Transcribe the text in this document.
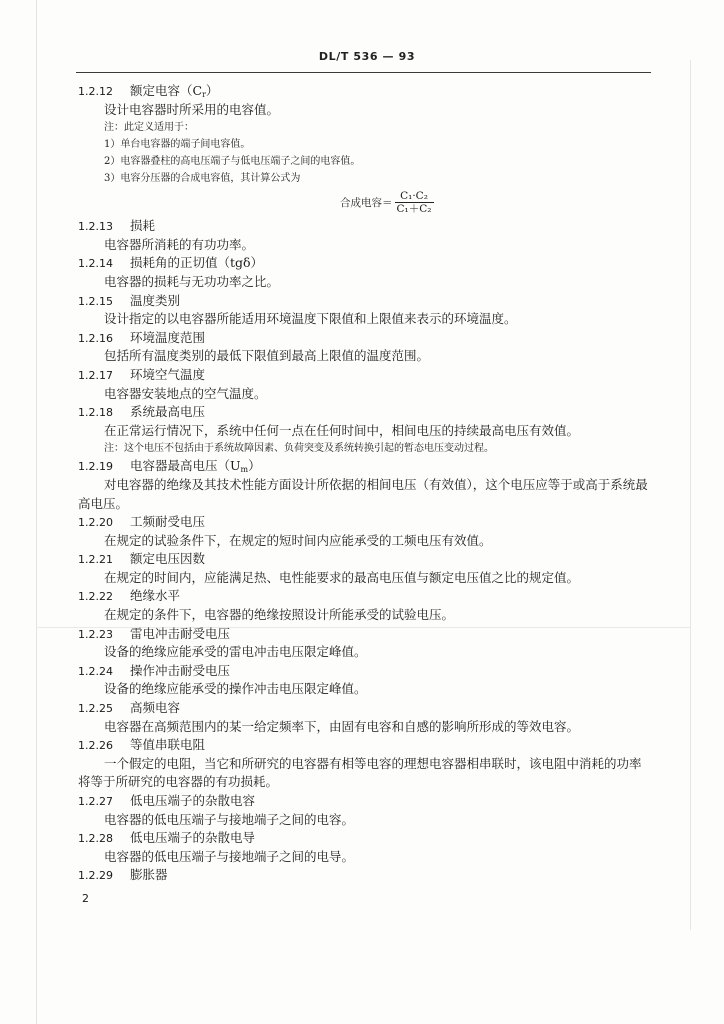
DL/T 536 — 93
1.2.12 额定电容$(C_r)$
设计电容器时所采用的电容值。
注：此定义适用于：
1）单台电容器的端子间电容值。
2）电容器叠柱的高电压端子与低电压端子之间的电容值。
3）电容分压器的合成电容值，其计算公式为
合成电容＝ $\frac{\text{C₁·C₂}}{\text{C₁＋C₂}}$
1.2.13 损耗
电容器所消耗的有功功率。
1.2.14 损耗角的正切值（tgδ）
电容器的损耗与无功功率之比。
1.2.15 温度类别
设计指定的以电容器所能适用环境温度下限值和上限值来表示的环境温度。
1.2.16 环境温度范围
包括所有温度类别的最低下限值到最高上限值的温度范围。
1.2.17 环境空气温度
电容器安装地点的空气温度。
1.2.18 系统最高电压
在正常运行情况下，系统中任何一点在任何时间中，相间电压的持续最高电压有效值。
注：这个电压不包括由于系统故障因素、负荷突变及系统转换引起的暂态电压变动过程。
1.2.19 电容器最高电压$(U_m)$
对电容器的绝缘及其技术性能方面设计所依据的相间电压（有效值），这个电压应等于或高于系统最
高电压。
1.2.20 工频耐受电压
在规定的试验条件下，在规定的短时间内应能承受的工频电压有效值。
1.2.21 额定电压因数
在规定的时间内，应能满足热、电性能要求的最高电压值与额定电压值之比的规定值。
1.2.22 绝缘水平
在规定的条件下，电容器的绝缘按照设计所能承受的试验电压。
1.2.23 雷电冲击耐受电压
设备的绝缘应能承受的雷电冲击电压限定峰值。
1.2.24 操作冲击耐受电压
设备的绝缘应能承受的操作冲击电压限定峰值。
1.2.25 高频电容
电容器在高频范围内的某一给定频率下，由固有电容和自感的影响所形成的等效电容。
1.2.26 等值串联电阻
一个假定的电阻，当它和所研究的电容器有相等电容的理想电容器相串联时，该电阻中消耗的功率
将等于所研究的电容器的有功损耗。
1.2.27 低电压端子的杂散电容
电容器的低电压端子与接地端子之间的电容。
1.2.28 低电压端子的杂散电导
电容器的低电压端子与接地端子之间的电导。
1.2.29 膨胀器
2
